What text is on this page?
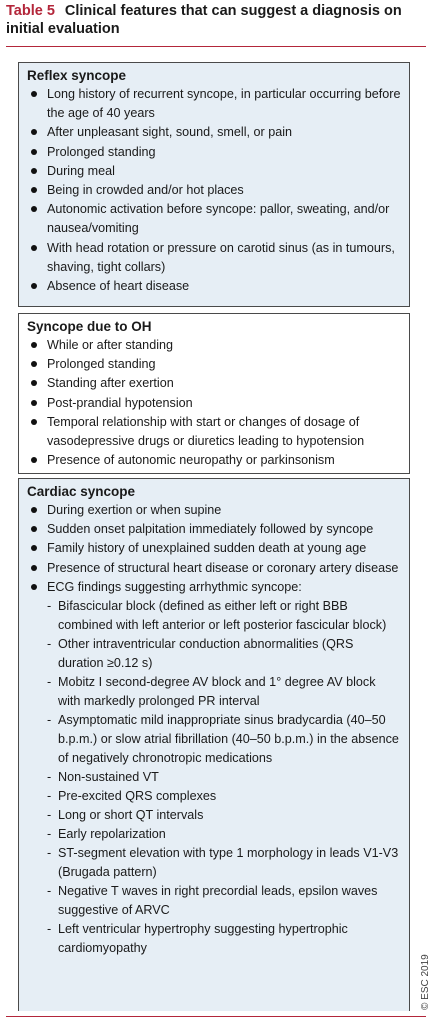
Table 5 Clinical features that can suggest a diagnosis on initial evaluation
Reflex syncope
Long history of recurrent syncope, in particular occurring before the age of 40 years
After unpleasant sight, sound, smell, or pain
Prolonged standing
During meal
Being in crowded and/or hot places
Autonomic activation before syncope: pallor, sweating, and/or nausea/vomiting
With head rotation or pressure on carotid sinus (as in tumours, shaving, tight collars)
Absence of heart disease
Syncope due to OH
While or after standing
Prolonged standing
Standing after exertion
Post-prandial hypotension
Temporal relationship with start or changes of dosage of vasodepressive drugs or diuretics leading to hypotension
Presence of autonomic neuropathy or parkinsonism
Cardiac syncope
During exertion or when supine
Sudden onset palpitation immediately followed by syncope
Family history of unexplained sudden death at young age
Presence of structural heart disease or coronary artery disease
ECG findings suggesting arrhythmic syncope:
- Bifascicular block (defined as either left or right BBB combined with left anterior or left posterior fascicular block)
- Other intraventricular conduction abnormalities (QRS duration ≥0.12 s)
- Mobitz I second-degree AV block and 1° degree AV block with markedly prolonged PR interval
- Asymptomatic mild inappropriate sinus bradycardia (40–50 b.p.m.) or slow atrial fibrillation (40–50 b.p.m.) in the absence of negatively chronotropic medications
- Non-sustained VT
- Pre-excited QRS complexes
- Long or short QT intervals
- Early repolarization
- ST-segment elevation with type 1 morphology in leads V1-V3 (Brugada pattern)
- Negative T waves in right precordial leads, epsilon waves suggestive of ARVC
- Left ventricular hypertrophy suggesting hypertrophic cardiomyopathy
© ESC 2019
